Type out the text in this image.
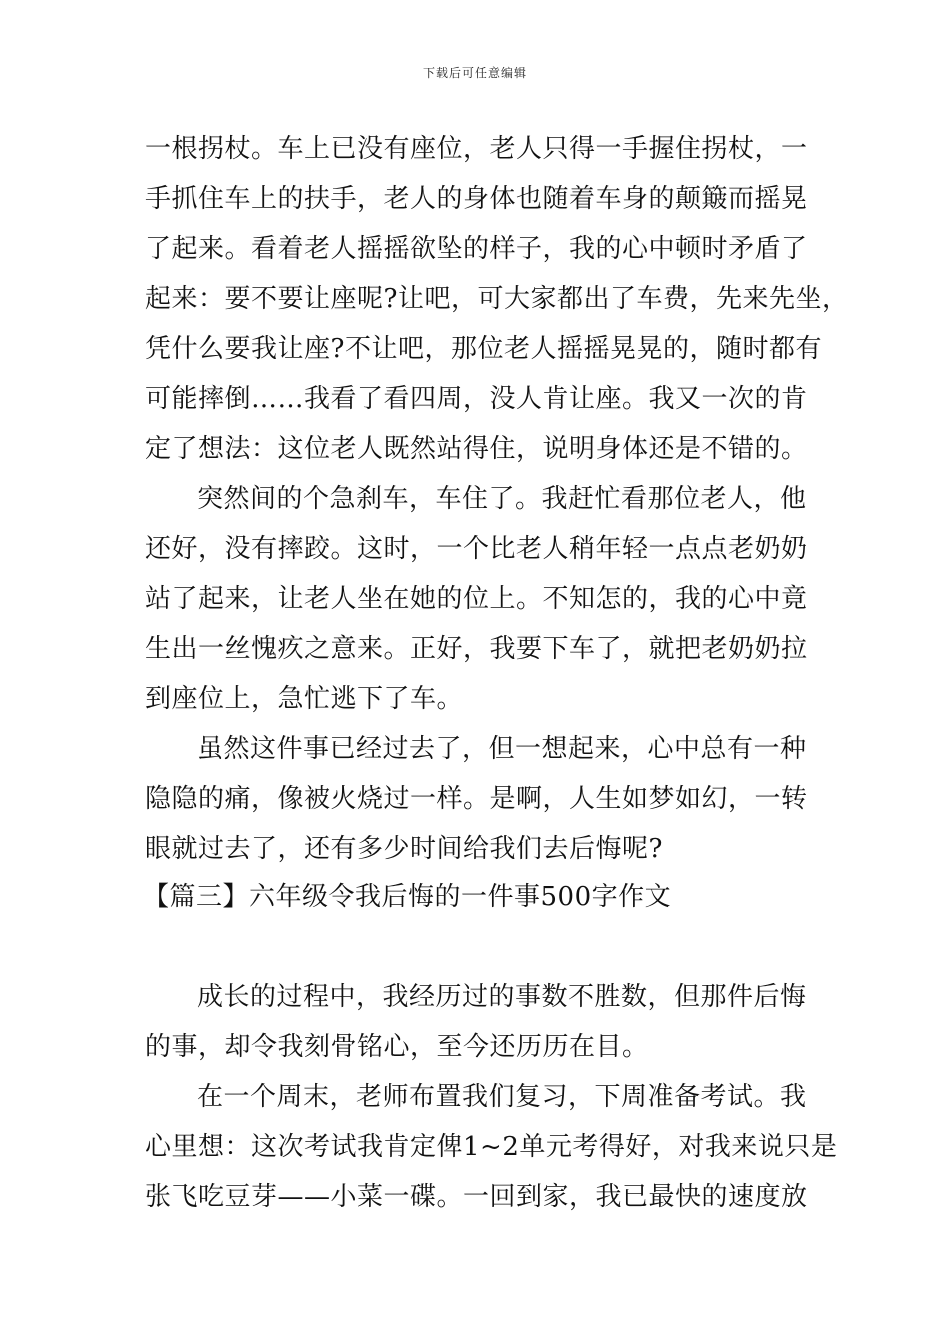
下载后可任意编辑
一根拐杖。车上已没有座位，老人只得一手握住拐杖，一
手抓住车上的扶手，老人的身体也随着车身的颠簸而摇晃
了起来。看着老人摇摇欲坠的样子，我的心中顿时矛盾了
起来：要不要让座呢?让吧，可大家都出了车费，先来先坐，
凭什么要我让座?不让吧，那位老人摇摇晃晃的，随时都有
可能摔倒……我看了看四周，没人肯让座。我又一次的肯
定了想法：这位老人既然站得住，说明身体还是不错的。
突然间的个急刹车，车住了。我赶忙看那位老人，他
还好，没有摔跤。这时，一个比老人稍年轻一点点老奶奶
站了起来，让老人坐在她的位上。不知怎的，我的心中竟
生出一丝愧疚之意来。正好，我要下车了，就把老奶奶拉
到座位上，急忙逃下了车。
虽然这件事已经过去了，但一想起来，心中总有一种
隐隐的痛，像被火烧过一样。是啊，人生如梦如幻，一转
眼就过去了，还有多少时间给我们去后悔呢?
【篇三】六年级令我后悔的一件事500字作文
成长的过程中，我经历过的事数不胜数，但那件后悔
的事，却令我刻骨铭心，至今还历历在目。
在一个周末，老师布置我们复习，下周准备考试。我
心里想：这次考试我肯定俾1~2单元考得好，对我来说只是
张飞吃豆芽——小菜一碟。一回到家，我已最快的速度放
